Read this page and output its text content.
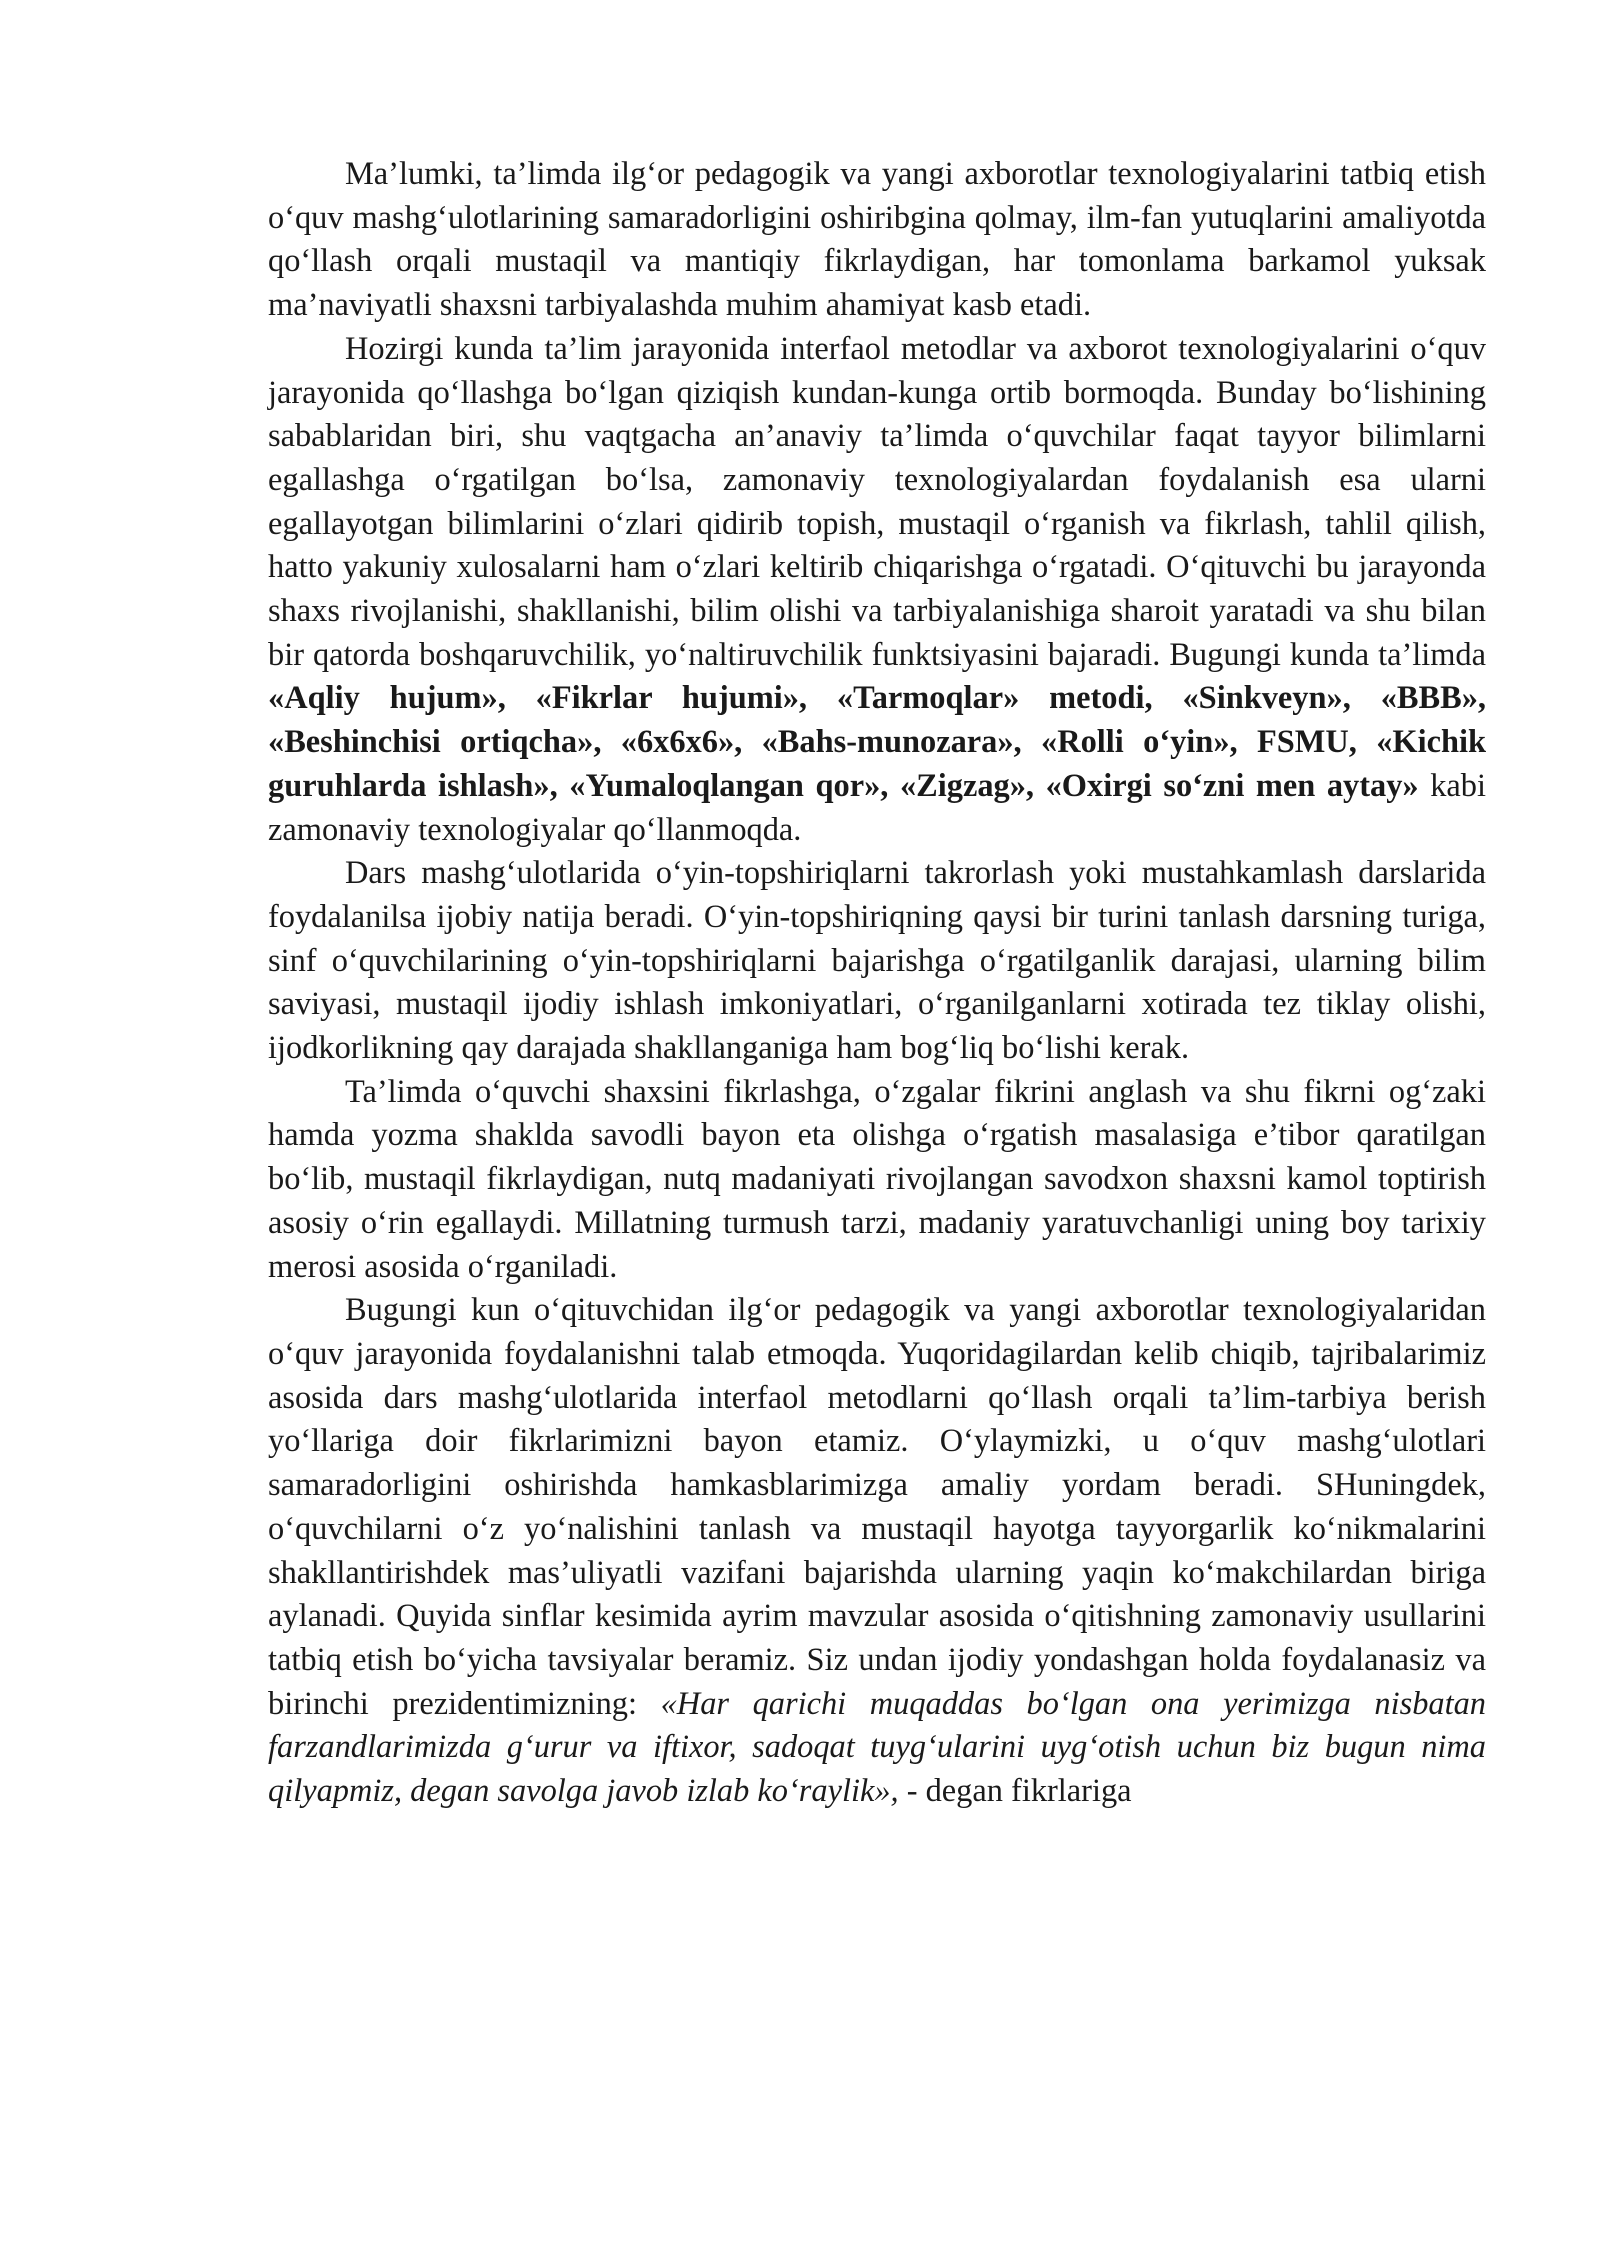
Ma’lumki, ta’limda ilg‘or pedagogik va yangi axborotlar texnologiyalarini tatbiq etish o‘quv mashg‘ulotlarining samaradorligini oshiribgina qolmay, ilm-fan yutuqlarini amaliyotda qo‘llash orqali mustaqil va mantiqiy fikrlaydigan, har tomonlama barkamol yuksak ma’naviyatli shaxsni tarbiyalashda muhim ahamiyat kasb etadi.

Hozirgi kunda ta’lim jarayonida interfaol metodlar va axborot texnologiyalarini o‘quv jarayonida qo‘llashga bo‘lgan qiziqish kundan-kunga ortib bormoqda. Bunday bo‘lishining sabablaridan biri, shu vaqtgacha an’anaviy ta’limda o‘quvchilar faqat tayyor bilimlarni egallashga o‘rgatilgan bo‘lsa, zamonaviy texnologiyalardan foydalanish esa ularni egallayotgan bilimlarini o‘zlari qidirib topish, mustaqil o‘rganish va fikrlash, tahlil qilish, hatto yakuniy xulosalarni ham o‘zlari keltirib chiqarishga o‘rgatadi. O‘qituvchi bu jarayonda shaxs rivojlanishi, shakllanishi, bilim olishi va tarbiyalanishiga sharoit yaratadi va shu bilan bir qatorda boshqaruvchilik, yo‘naltiruvchilik funktsiyasini bajaradi. Bugungi kunda ta’limda «Aqliy hujum», «Fikrlar hujumi», «Tarmoqlar» metodi, «Sinkveyn», «BBB», «Beshinchisi ortiqcha», «6x6x6», «Bahs-munozara», «Rolli o‘yin», FSMU, «Kichik guruhlarda ishlash», «Yumaloqlangan qor», «Zigzag», «Oxirgi so‘zni men aytay» kabi zamonaviy texnologiyalar qo‘llanmoqda.

Dars mashg‘ulotlarida o‘yin-topshiriqlarni takrorlash yoki mustahkamlash darslarida foydalanilsa ijobiy natija beradi. O‘yin-topshiriqning qaysi bir turini tanlash darsning turiga, sinf o‘quvchilarining o‘yin-topshiriqlarni bajarishga o‘rgatilganlik darajasi, ularning bilim saviyasi, mustaqil ijodiy ishlash imkoniyatlari, o‘rganilganlarni xotirada tez tiklay olishi, ijodkorlikning qay darajada shakllanganiga ham bog‘liq bo‘lishi kerak.

Ta’limda o‘quvchi shaxsini fikrlashga, o‘zgalar fikrini anglash va shu fikrni og‘zaki hamda yozma shaklda savodli bayon eta olishga o‘rgatish masalasiga e’tibor qaratilgan bo‘lib, mustaqil fikrlaydigan, nutq madaniyati rivojlangan savodxon shaxsni kamol toptirish asosiy o‘rin egallaydi. Millatning turmush tarzi, madaniy yaratuvchanligi uning boy tarixiy merosi asosida o‘rganiladi.

Bugungi kun o‘qituvchidan ilg‘or pedagogik va yangi axborotlar texnologiyalaridan o‘quv jarayonida foydalanishni talab etmoqda. Yuqoridagilardan kelib chiqib, tajribalarimiz asosida dars mashg‘ulotlarida interfaol metodlarni qo‘llash orqali ta’lim-tarbiya berish yo‘llariga doir fikrlarimizni bayon etamiz. O‘ylaymizki, u o‘quv mashg‘ulotlari samaradorligini oshirishda hamkasblarimizga amaliy yordam beradi. SHuningdek, o‘quvchilarni o‘z yo‘nalishini tanlash va mustaqil hayotga tayyorgarlik ko‘nikmalarini shakllantirishdek mas’uliyatli vazifani bajarishda ularning yaqin ko‘makchilardan biriga aylanadi. Quyida sinflar kesimida ayrim mavzular asosida o‘qitishning zamonaviy usullarini tatbiq etish bo‘yicha tavsiyalar beramiz. Siz undan ijodiy yondashgan holda foydalanasiz va birinchi prezidentimizning: «Har qarichi muqaddas bo‘lgan ona yerimizga nisbatan farzandlarimizda g‘urur va iftixor, sadoqat tuyg‘ularini uyg‘otish uchun biz bugun nima qilyapmiz, degan savolga javob izlab ko‘raylik», - degan fikrlariga
